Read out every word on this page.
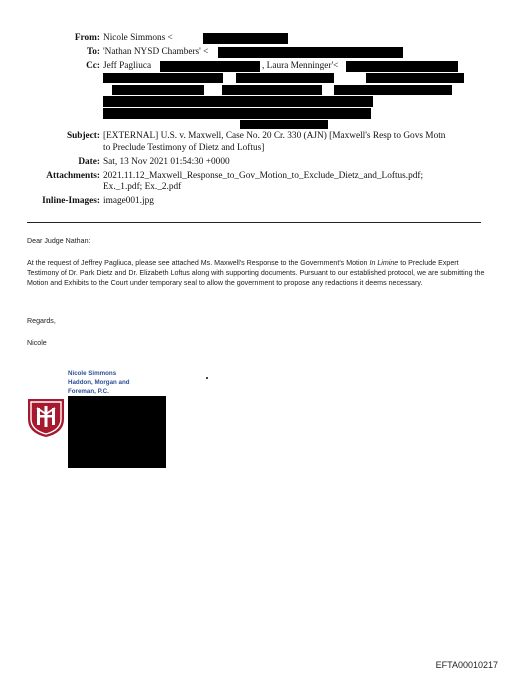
From: Nicole Simmons <
To: 'Nathan NYSD Chambers' <
Cc: Jeff Pagliuca	, Laura Menninger'<
Subject: [EXTERNAL] U.S. v. Maxwell, Case No. 20 Cr. 330 (AJN) [Maxwell's Resp to Govs Motn
to Preclude Testimony of Dietz and Loftus]
Date: Sat, 13 Nov 2021 01:54:30 +0000
Attachments: 2021.11.12_Maxwell_Response_to_Gov_Motion_to_Exclude_Dietz_and_Loftus.pdf;
Ex._1.pdf; Ex._2.pdf
Inline-Images: image001.jpg

Dear Judge Nathan:

At the request of Jeffrey Pagliuca, please see attached Ms. Maxwell's Response to the Government's Motion In Limine to Preclude Expert Testimony of Dr. Park Dietz and Dr. Elizabeth Loftus along with supporting documents. Pursuant to our established protocol, we are submitting the Motion and Exhibits to the Court under temporary seal to allow the government to propose any redactions it deems necessary.

Regards,

Nicole

Nicole Simmons
Haddon, Morgan and
Foreman, P.C.
EFTA00010217
